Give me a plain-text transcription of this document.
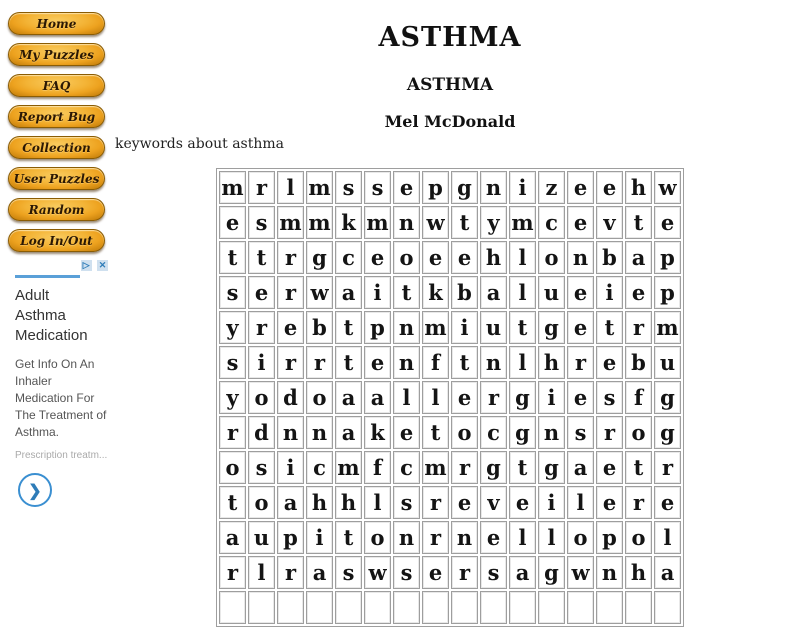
Home
My Puzzles
FAQ
Report Bug
Collection
User Puzzles
Random
Log In/Out
▷ ✕
Adult Asthma Medication
Get Info On An Inhaler Medication For The Treatment of Asthma.
Prescription treatm...
❯
ASTHMA
ASTHMA
Mel McDonald
m	r	l	m	s	s	e	p	g	n	i	z	e	e	h	w
e	s	m	m	k	m	n	w	t	y	m	c	e	v	t	e
t	t	r	g	c	e	o	e	e	h	l	o	n	b	a	p
s	e	r	w	a	i	t	k	b	a	l	u	e	i	e	p
y	r	e	b	t	p	n	m	i	u	t	g	e	t	r	m
s	i	r	r	t	e	n	f	t	n	l	h	r	e	b	u
y	o	d	o	a	a	l	l	e	r	g	i	e	s	f	g
r	d	n	n	a	k	e	t	o	c	g	n	s	r	o	g
o	s	i	c	m	f	c	m	r	g	t	g	a	e	t	r
t	o	a	h	h	l	s	r	e	v	e	i	l	e	r	e
a	u	p	i	t	o	n	r	n	e	l	l	o	p	o	l
r	l	r	a	s	w	s	e	r	s	a	g	w	n	h	a

keywords about asthma
